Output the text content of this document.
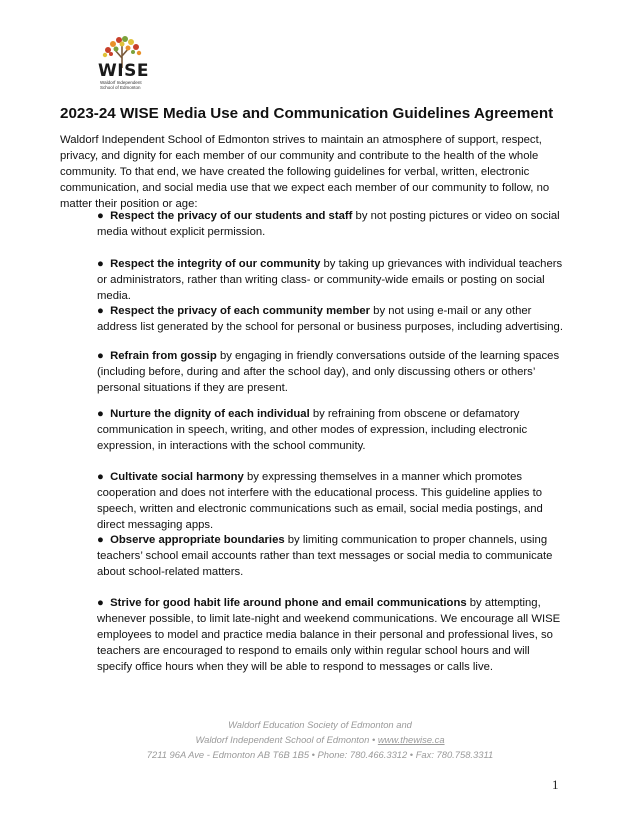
WISE
Waldorf Independent
School of Edmonton
2023-24 WISE Media Use and Communication Guidelines Agreement

Waldorf Independent School of Edmonton strives to maintain an atmosphere of support, respect, privacy, and dignity for each member of our community and contribute to the health of the whole community. To that end, we have created the following guidelines for verbal, written, electronic communication, and social media use that we expect each member of our community to follow, no matter their position or age:

● Respect the privacy of our students and staff by not posting pictures or video on social media without explicit permission.

● Respect the integrity of our community by taking up grievances with individual teachers or administrators, rather than writing class- or community-wide emails or posting on social media.

● Respect the privacy of each community member by not using e-mail or any other address list generated by the school for personal or business purposes, including advertising.

● Refrain from gossip by engaging in friendly conversations outside of the learning spaces (including before, during and after the school day), and only discussing others or others’ personal situations if they are present.

● Nurture the dignity of each individual by refraining from obscene or defamatory communication in speech, writing, and other modes of expression, including electronic expression, in interactions with the school community.

● Cultivate social harmony by expressing themselves in a manner which promotes cooperation and does not interfere with the educational process. This guideline applies to speech, written and electronic communications such as email, social media postings, and direct messaging apps.

● Observe appropriate boundaries by limiting communication to proper channels, using teachers’ school email accounts rather than text messages or social media to communicate about school-related matters.

● Strive for good habit life around phone and email communications by attempting, whenever possible, to limit late-night and weekend communications. We encourage all WISE employees to model and practice media balance in their personal and professional lives, so teachers are encouraged to respond to emails only within regular school hours and will specify office hours when they will be able to respond to messages or calls live.

Waldorf Education Society of Edmonton and
Waldorf Independent School of Edmonton • www.thewise.ca
7211 96A Ave - Edmonton AB T6B 1B5 • Phone: 780.466.3312 • Fax: 780.758.3311
1
